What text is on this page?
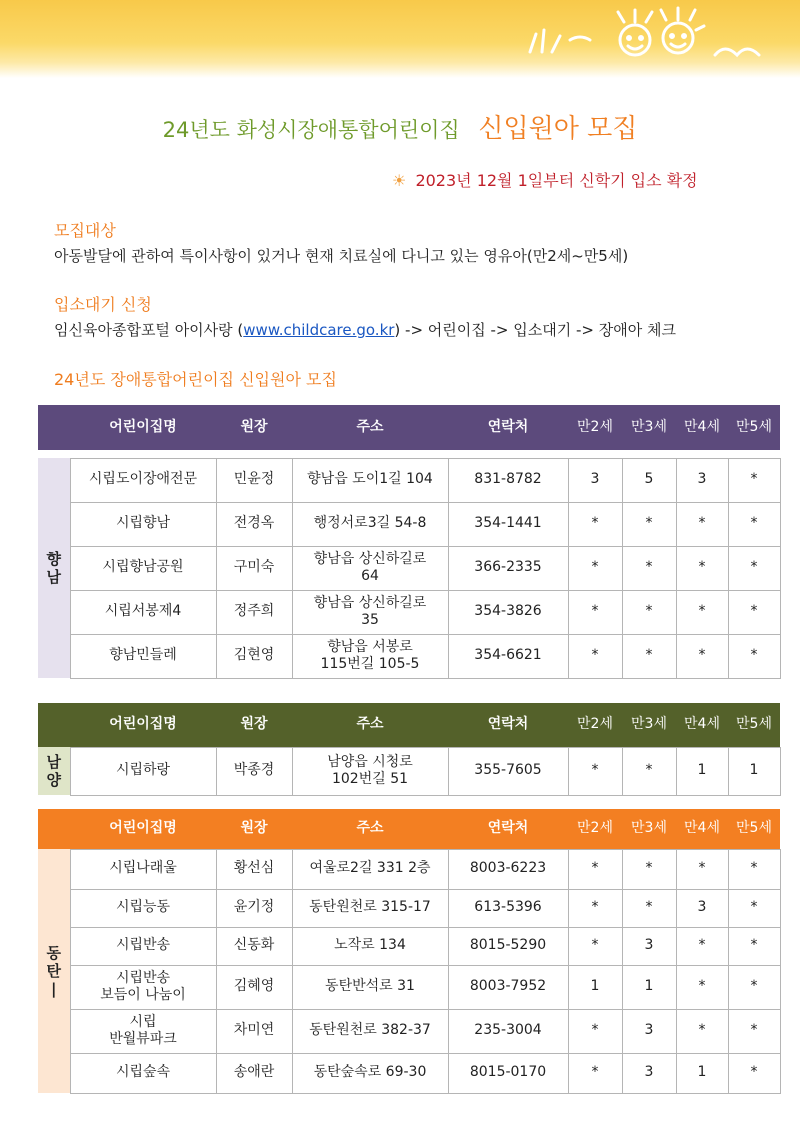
24년도 화성시장애통합어린이집 신입원아 모집
☀ 2023년 12월 1일부터 신학기 입소 확정
모집대상
아동발달에 관하여 특이사항이 있거나 현재 치료실에 다니고 있는 영유아(만2세~만5세)
입소대기 신청
임신육아종합포털 아이사랑 (www.childcare.go.kr) -> 어린이집 -> 입소대기 -> 장애아 체크
24년도 장애통합어린이집 신입원아 모집
	어린이집명	원장	주소	연락처	만2세	만3세	만4세	만5세

향
남	시립도이장애전문	민윤정	향남읍 도이1길 104	831-8782	3	5	3	*
	시립향남	전경옥	행정서로3길 54-8	354-1441	*	*	*	*
	시립향남공원	구미숙	향남읍 상신하길로
64	366-2335	*	*	*	*
	시립서봉제4	정주희	향남읍 상신하길로
35	354-3826	*	*	*	*
	향남민들레	김현영	향남읍 서봉로
115번길 105-5	354-6621	*	*	*	*
	어린이집명	원장	주소	연락처	만2세	만3세	만4세	만5세
남
양	시립하랑	박종경	남양읍 시청로
102번길 51	355-7605	*	*	1	1
	어린이집명	원장	주소	연락처	만2세	만3세	만4세	만5세
동
탄
|	시립나래울	황선심	여울로2길 331 2층	8003-6223	*	*	*	*
	시립능동	윤기정	동탄원천로 315-17	613-5396	*	*	3	*
	시립반송	신동화	노작로 134	8015-5290	*	3	*	*
	시립반송
보듬이 나눔이	김혜영	동탄반석로 31	8003-7952	1	1	*	*
	시립
반월뷰파크	차미연	동탄원천로 382-37	235-3004	*	3	*	*
	시립숲속	송애란	동탄숲속로 69-30	8015-0170	*	3	1	*
